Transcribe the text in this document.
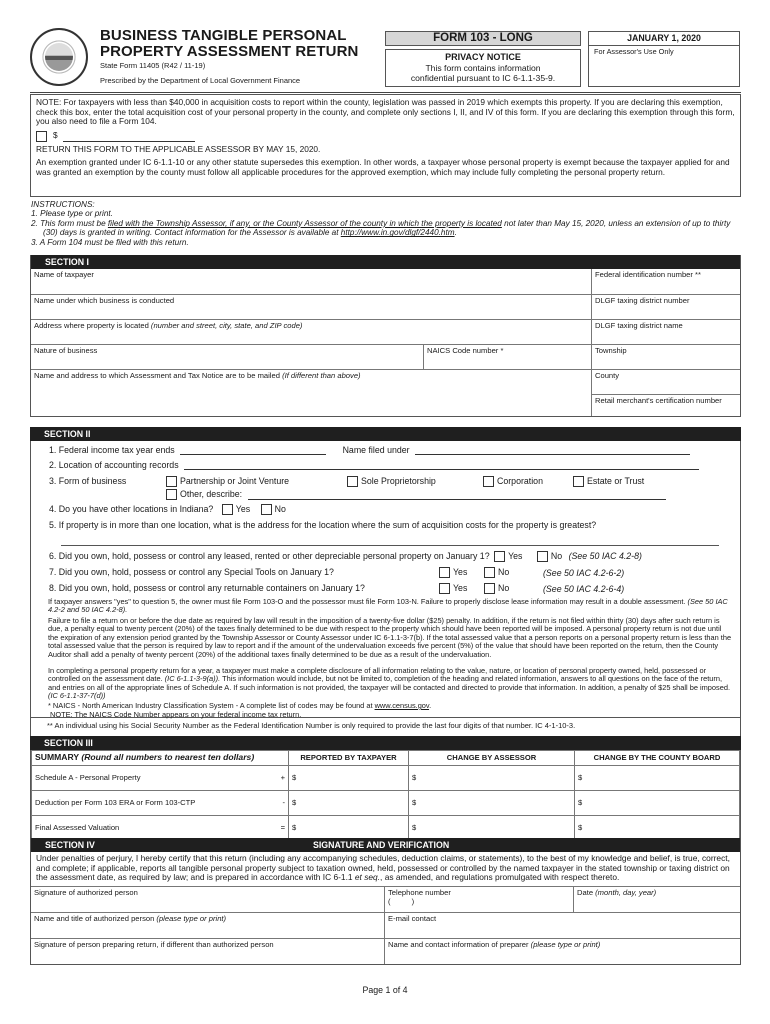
BUSINESS TANGIBLE PERSONAL
PROPERTY ASSESSMENT RETURN
State Form 11405 (R42 / 11-19)
Prescribed by the Department of Local Government Finance
FORM 103 - LONG
PRIVACY NOTICE
This form contains information
confidential pursuant to IC 6-1.1-35-9.
JANUARY 1, 2020
For Assessor's Use Only
NOTE: For taxpayers with less than $40,000 in acquisition costs to report within the county, legislation was passed in 2019 which exempts this property. If you are declaring this exemption, check this box, enter the total acquisition cost of your personal property in the county, and complete only sections I, II, and IV of this form. If you are declaring this exemption through this form, you also need to file a Form 104.
$
RETURN THIS FORM TO THE APPLICABLE ASSESSOR BY MAY 15, 2020.
An exemption granted under IC 6-1.1-10 or any other statute supersedes this exemption. In other words, a taxpayer whose personal property is exempt because the taxpayer applied for and was granted an exemption by the county must follow all applicable procedures for the approved exemption, which may include fully completing the personal property return.
INSTRUCTIONS:
1. Please type or print.
2. This form must be filed with the Township Assessor, if any, or the County Assessor of the county in which the property is located not later than May 15, 2020, unless an extension of up to thirty (30) days is granted in writing. Contact information for the Assessor is available at http://www.in.gov/dlgf/2440.htm.
3. A Form 104 must be filed with this return.
SECTION I
Name of taxpayer	Federal identification number **
Name under which business is conducted	DLGF taxing district number
Address where property is located (number and street, city, state, and ZIP code)	DLGF taxing district name
Nature of business	NAICS Code number *	Township
Name and address to which Assessment and Tax Notice are to be mailed (If different than above)	County
Retail merchant's certification number
SECTION II
1. Federal income tax year ends	Name filed under
2. Location of accounting records
3. Form of business	Partnership or Joint Venture	Sole Proprietorship	Corporation	Estate or Trust
Other, describe:
4. Do you have other locations in Indiana?	Yes	No
5. If property is in more than one location, what is the address for the location where the sum of acquisition costs for the property is greatest?
6. Did you own, hold, possess or control any leased, rented or other depreciable personal property on January 1? Yes	No (See 50 IAC 4.2-8)
7. Did you own, hold, possess or control any Special Tools on January 1?	Yes	No	(See 50 IAC 4.2-6-2)
8. Did you own, hold, possess or control any returnable containers on January 1?	Yes	No	(See 50 IAC 4.2-6-4)
If taxpayer answers "yes" to question 5, the owner must file Form 103-O and the possessor must file Form 103-N. Failure to properly disclose lease information may result in a double assessment. (See 50 IAC 4.2-2 and 50 IAC 4.2-8).
Failure to file a return on or before the due date as required by law will result in the imposition of a twenty-five dollar ($25) penalty. In addition, if the return is not filed within thirty (30) days after such return is due, a penalty equal to twenty percent (20%) of the taxes finally determined to be due with respect to the property which should have been reported will be imposed. A personal property return is not due until the expiration of any extension period granted by the Township Assessor or County Assessor under IC 6-1.1-3-7(b). If the total assessed value that a person reports on a personal property return is less than the total assessed value that the person is required by law to report and if the amount of the undervaluation exceeds five percent (5%) of the value that should have been reported on the return, then the County Auditor shall add a penalty of twenty percent (20%) of the additional taxes finally determined to be due as a result of the undervaluation.
In completing a personal property return for a year, a taxpayer must make a complete disclosure of all information relating to the value, nature, or location of personal property owned, held, possessed or controlled on the assessment date. (IC 6-1.1-3-9(a)). This information would include, but not be limited to, completion of the heading and related information, answers to all questions on the face of the return, and entries on all of the appropriate lines of Schedule A. If such information is not provided, the taxpayer will be contacted and directed to provide that information. In addition, a penalty of $25 shall be imposed. (IC 6-1.1-37-7(d))
* NAICS - North American Industry Classification System - A complete list of codes may be found at www.census.gov.
NOTE: The NAICS Code Number appears on your federal income tax return.
** An individual using his Social Security Number as the Federal Identification Number is only required to provide the last four digits of that number. IC 4-1-10-3.
SECTION III
SUMMARY (Round all numbers to nearest ten dollars)	REPORTED BY TAXPAYER	CHANGE BY ASSESSOR	CHANGE BY THE COUNTY BOARD
Schedule A - Personal Property +	$	$	$
Deduction per Form 103 ERA or Form 103-CTP -	$	$	$
Final Assessed Valuation =	$	$	$
SECTION IV	SIGNATURE AND VERIFICATION
Under penalties of perjury, I hereby certify that this return (including any accompanying schedules, deduction claims, or statements), to the best of my knowledge and belief, is true, correct, and complete; if applicable, reports all tangible personal property subject to taxation owned, held, possessed or controlled by the named taxpayer in the stated township or taxing district on the assessment date, as required by law; and is prepared in accordance with IC 6-1.1 et seq., as amended, and regulations promulgated with respect thereto.
Signature of authorized person	Telephone number
(          )
Date (month, day, year)
Name and title of authorized person (please type or print)	E-mail contact
Signature of person preparing return, if different than authorized person	Name and contact information of preparer (please type or print)
Page 1 of 4
